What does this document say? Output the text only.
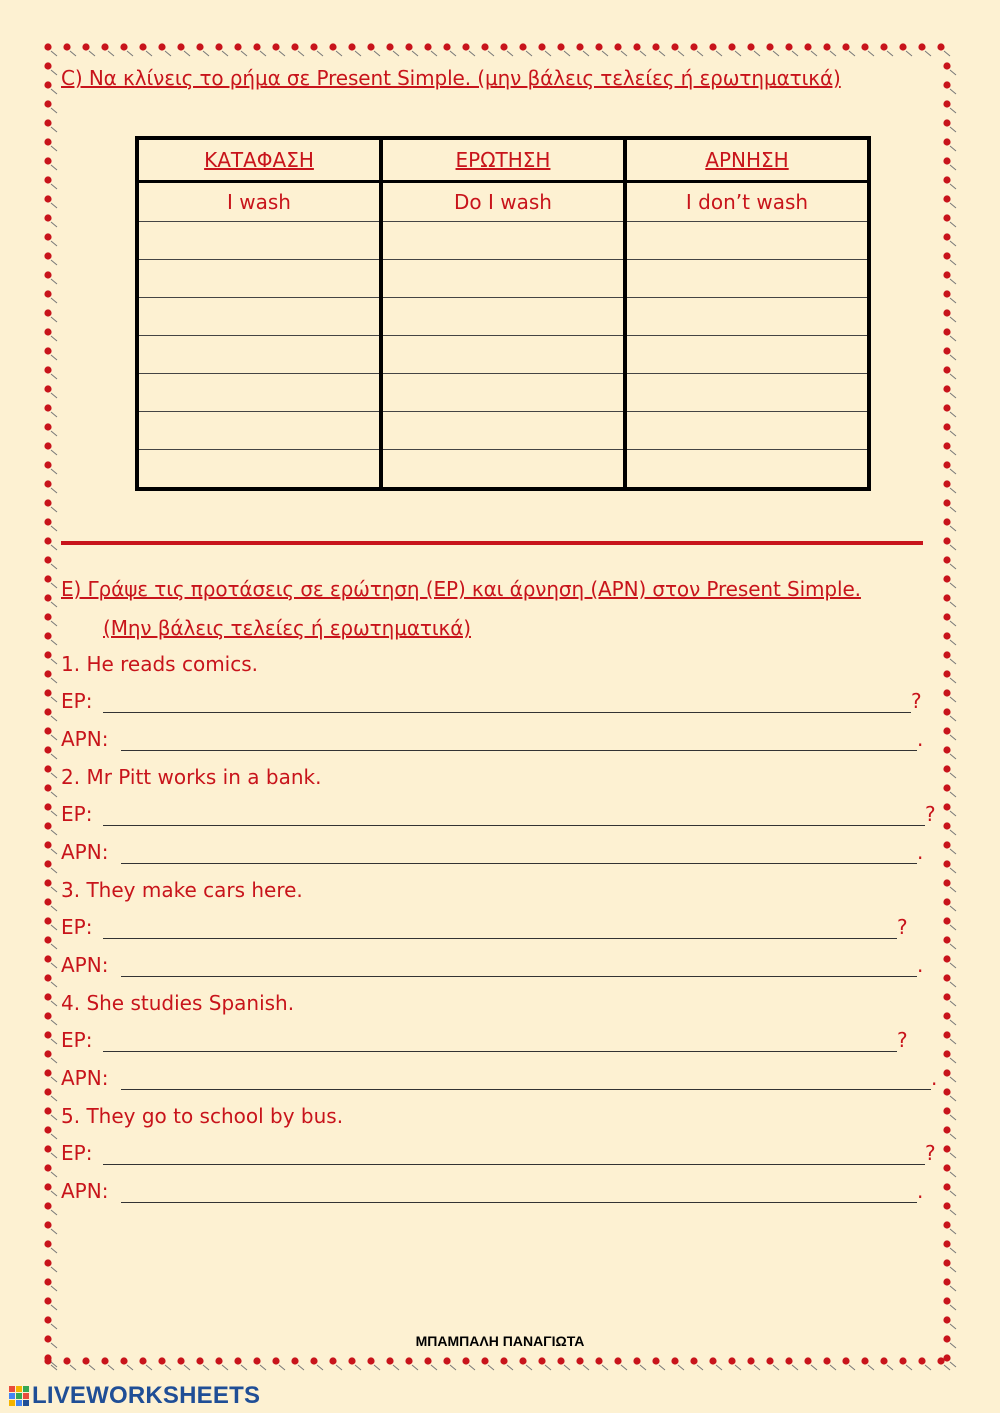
C) Να κλίνεις το ρήμα σε Present Simple. (μην βάλεις τελείες ή ερωτηματικά)
ΚΑΤΑΦΑΣΗ	ΕΡΩΤΗΣΗ	ΑΡΝΗΣΗ
I wash	Do I wash	I don’t wash

E) Γράψε τις προτάσεις σε ερώτηση (ΕΡ) και άρνηση (ΑΡΝ) στον Present Simple.
(Μην βάλεις τελείες ή ερωτηματικά)
1. He reads comics.
ΕΡ:	?
ΑΡΝ:	.
2. Mr Pitt works in a bank.
ΕΡ:	?
ΑΡΝ:	.
3. They make cars here.
ΕΡ:	?
ΑΡΝ:	.
4. She studies Spanish.
ΕΡ:	?
ΑΡΝ:	.
5. They go to school by bus.
ΕΡ:	?
ΑΡΝ:	.
ΜΠΑΜΠΑΛΗ ΠΑΝΑΓΙΩΤΑ
LIVEWORKSHEETS
